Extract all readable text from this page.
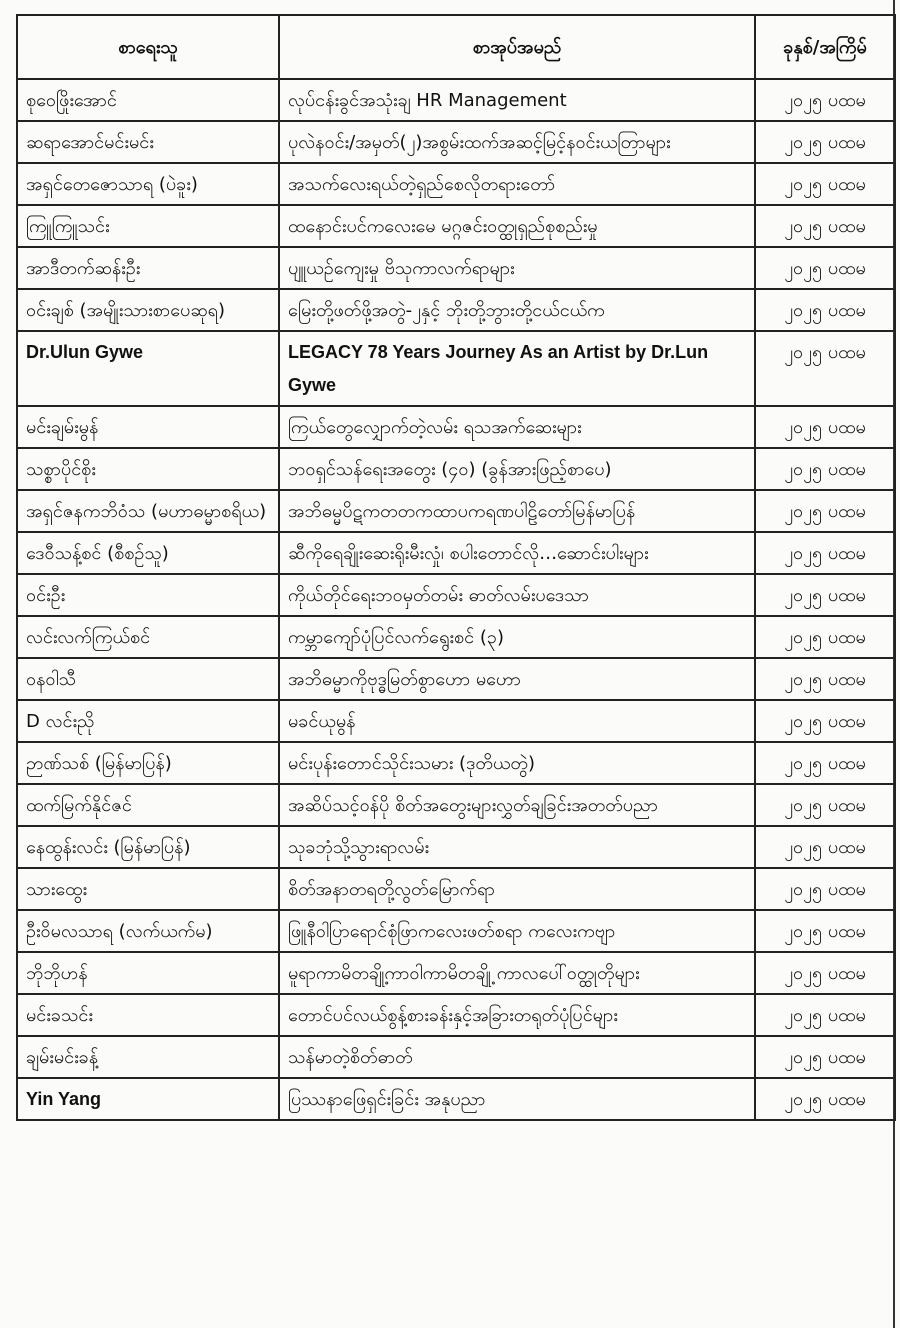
စာရေးသူ	စာအုပ်အမည်	ခုနှစ်/အကြိမ်
စုဝေဖြိုးအောင်	လုပ်ငန်းခွင်အသုံးချ HR Management	၂၀၂၅ ပထမ
ဆရာအောင်မင်းမင်း	ပုလဲနဝင်း/အမှတ်(၂)အစွမ်းထက်အဆင့်မြင့်နဝင်းယတြာများ	၂၀၂၅ ပထမ
အရှင်တေဇောသာရ (ပဲခူး)	အသက်လေးရယ်တဲ့ရှည်စေလိုတရားတော်	၂၀၂၅ ပထမ
ကြူကြူသင်း	ထနောင်းပင်ကလေးမေ မဂ္ဂဇင်းဝတ္ထုရှည်စုစည်းမှု	၂၀၂၅ ပထမ
အာဒီတက်ဆန်းဦး	ပျူယဉ်ကျေးမှု ဗိသုကာလက်ရာများ	၂၀၂၅ ပထမ
ဝင်းချစ် (အမျိုးသားစာပေဆုရ)	မြေးတို့ဖတ်ဖို့အတွဲ-၂နှင့် ဘိုးတို့ဘွားတို့ငယ်ငယ်က	၂၀၂၅ ပထမ
Dr.Ulun Gywe	LEGACY 78 Years Journey As an Artist by Dr.Lun Gywe	၂၀၂၅ ပထမ
မင်းချမ်းမွန်	ကြယ်တွေလျှောက်တဲ့လမ်း ရသအက်ဆေးများ	၂၀၂၅ ပထမ
သစ္စာပိုင်စိုး	ဘဝရှင်သန်ရေးအတွေး (၄၀) (ခွန်အားဖြည့်စာပေ)	၂၀၂၅ ပထမ
အရှင်ဇနကဘိဝံသ (မဟာဓမ္မာစရိယ)	အဘိဓမ္မပိဋကတတကထာပကရဏပါဠိတော်မြန်မာပြန်	၂၀၂၅ ပထမ
ဒေဝီသန့်စင် (စီစဉ်သူ)	ဆီကိုရေချိုးဆေးရိုးမီးလှုံ၊ စပါးတောင်လို…ဆောင်းပါးများ	၂၀၂၅ ပထမ
ဝင်းဦး	ကိုယ်တိုင်ရေးဘဝမှတ်တမ်း ဓာတ်လမ်းပဒေသာ	၂၀၂၅ ပထမ
လင်းလက်ကြယ်စင်	ကမ္ဘာကျော်ပုံပြင်လက်ရွေးစင် (၃)	၂၀၂၅ ပထမ
ဝနဝါသီ	အဘိဓမ္မာကိုဗုဒ္ဓမြတ်စွာဟော မဟော	၂၀၂၅ ပထမ
D လင်းညို	မခင်ယုမွန်	၂၀၂၅ ပထမ
ဉာဏ်သစ် (မြန်မာပြန်)	မင်းပုန်းတောင်သိုင်းသမား (ဒုတိယတွဲ)	၂၀၂၅ ပထမ
ထက်မြက်နိုင်ဇင်	အဆိပ်သင့်ဝန်ပို စိတ်အတွေးများလွှတ်ချခြင်းအတတ်ပညာ	၂၀၂၅ ပထမ
နေထွန်းလင်း (မြန်မာပြန်)	သုခဘုံသို့သွားရာလမ်း	၂၀၂၅ ပထမ
သားထွေး	စိတ်အနာတရတို့လွတ်မြောက်ရာ	၂၀၂၅ ပထမ
ဦးဝိမလသာရ (လက်ယက်မ)	ဖြူနီဝါပြာရောင်စုံဖြာကလေးဖတ်စရာ ကလေးကဗျာ	၂၀၂၅ ပထမ
ဘိုဘိုဟန်	မူရာကာမိတချို့ကာဝါကာမိတချို့ ကာလပေါ်ဝတ္ထုတိုများ	၂၀၂၅ ပထမ
မင်းခသင်း	တောင်ပင်လယ်စွန့်စားခန်းနှင့်အခြားတရုတ်ပုံပြင်များ	၂၀၂၅ ပထမ
ချမ်းမင်းခန့်	သန်မာတဲ့စိတ်ဓာတ်	၂၀၂၅ ပထမ
Yin Yang	ပြဿနာဖြေရှင်းခြင်း အနုပညာ	၂၀၂၅ ပထမ
